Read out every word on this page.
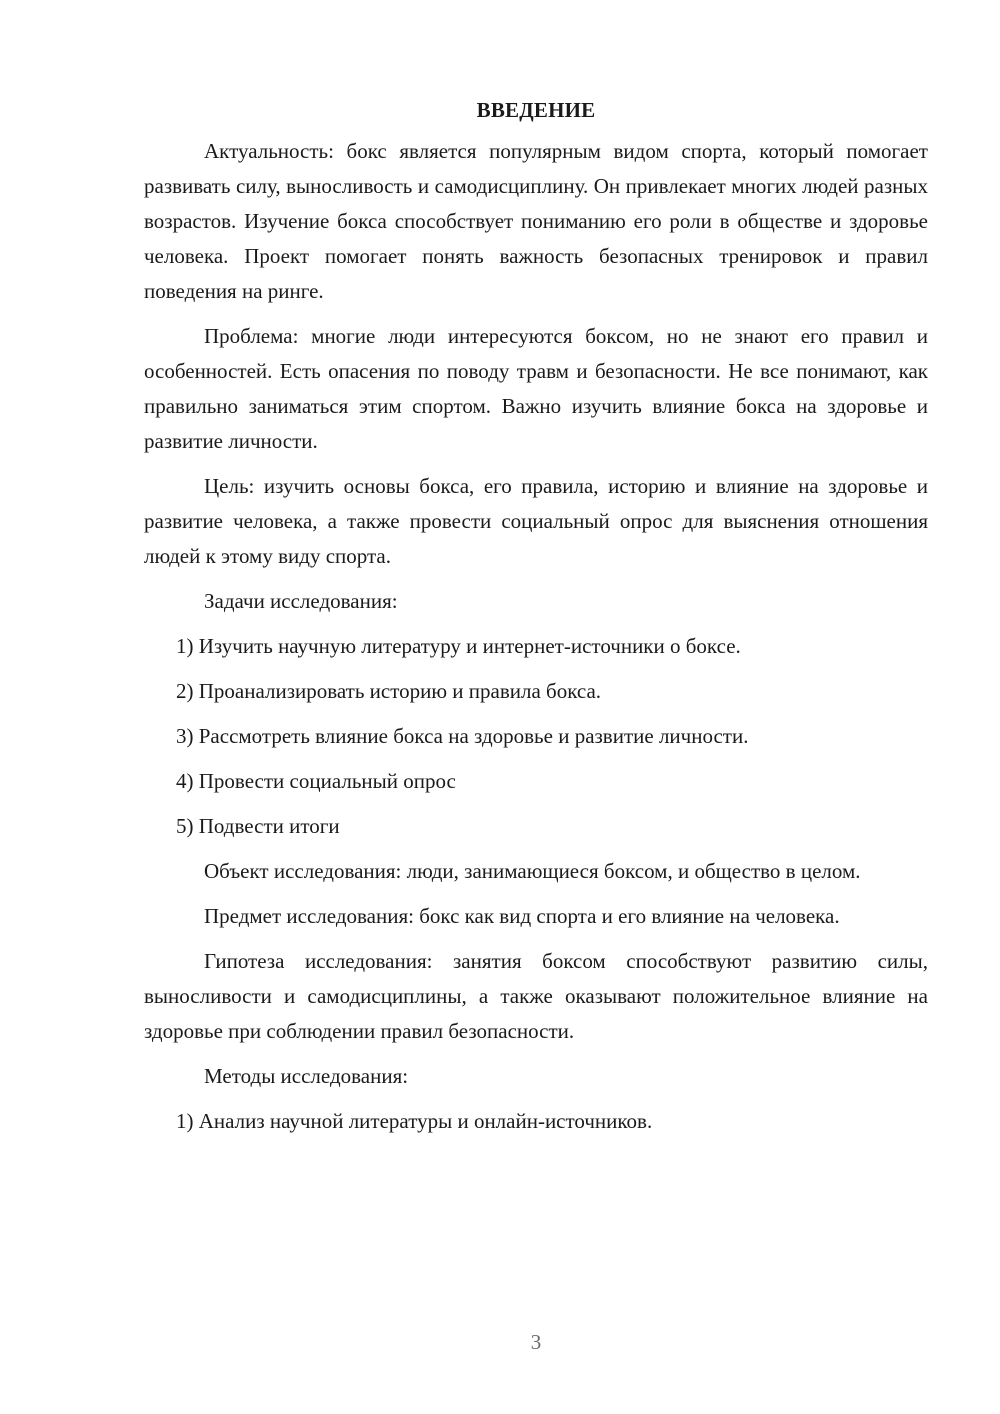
ВВЕДЕНИЕ

Актуальность: бокс является популярным видом спорта, который помогает развивать силу, выносливость и самодисциплину. Он привлекает многих людей разных возрастов. Изучение бокса способствует пониманию его роли в обществе и здоровье человека. Проект помогает понять важность безопасных тренировок и правил поведения на ринге.

Проблема: многие люди интересуются боксом, но не знают его правил и особенностей. Есть опасения по поводу травм и безопасности. Не все понимают, как правильно заниматься этим спортом. Важно изучить влияние бокса на здоровье и развитие личности.

Цель: изучить основы бокса, его правила, историю и влияние на здоровье и развитие человека, а также провести социальный опрос для выяснения отношения людей к этому виду спорта.

Задачи исследования:

1) Изучить научную литературу и интернет-источники о боксе.
2) Проанализировать историю и правила бокса.
3) Рассмотреть влияние бокса на здоровье и развитие личности.
4) Провести социальный опрос
5) Подвести итоги

Объект исследования: люди, занимающиеся боксом, и общество в целом.

Предмет исследования: бокс как вид спорта и его влияние на человека.

Гипотеза исследования: занятия боксом способствуют развитию силы, выносливости и самодисциплины, а также оказывают положительное влияние на здоровье при соблюдении правил безопасности.

Методы исследования:

1) Анализ научной литературы и онлайн-источников.
3
